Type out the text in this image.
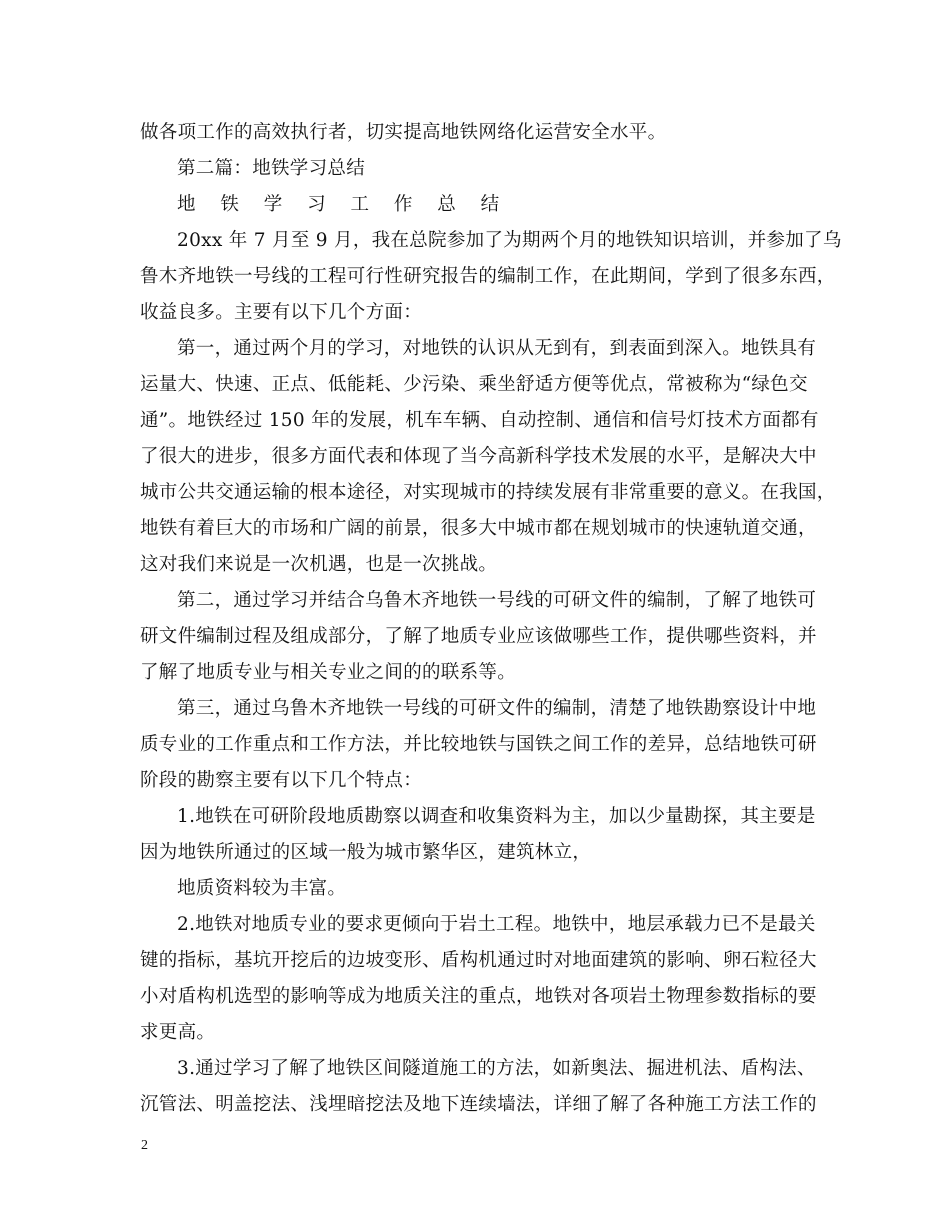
做各项工作的高效执行者，切实提高地铁网络化运营安全水平。
第二篇：地铁学习总结
地 铁 学 习 工 作 总 结
20xx 年 7 月至 9 月，我在总院参加了为期两个月的地铁知识培训，并参加了乌
鲁木齐地铁一号线的工程可行性研究报告的编制工作，在此期间，学到了很多东西，
收益良多。主要有以下几个方面：
第一，通过两个月的学习，对地铁的认识从无到有，到表面到深入。地铁具有
运量大、快速、正点、低能耗、少污染、乘坐舒适方便等优点，常被称为“绿色交
通”。地铁经过 150 年的发展，机车车辆、自动控制、通信和信号灯技术方面都有
了很大的进步，很多方面代表和体现了当今高新科学技术发展的水平，是解决大中
城市公共交通运输的根本途径，对实现城市的持续发展有非常重要的意义。在我国，
地铁有着巨大的市场和广阔的前景，很多大中城市都在规划城市的快速轨道交通，
这对我们来说是一次机遇，也是一次挑战。
第二，通过学习并结合乌鲁木齐地铁一号线的可研文件的编制，了解了地铁可
研文件编制过程及组成部分，了解了地质专业应该做哪些工作，提供哪些资料，并
了解了地质专业与相关专业之间的的联系等。
第三，通过乌鲁木齐地铁一号线的可研文件的编制，清楚了地铁勘察设计中地
质专业的工作重点和工作方法，并比较地铁与国铁之间工作的差异，总结地铁可研
阶段的勘察主要有以下几个特点：
1.地铁在可研阶段地质勘察以调查和收集资料为主，加以少量勘探，其主要是
因为地铁所通过的区域一般为城市繁华区，建筑林立，
地质资料较为丰富。
2.地铁对地质专业的要求更倾向于岩土工程。地铁中，地层承载力已不是最关
键的指标，基坑开挖后的边坡变形、盾构机通过时对地面建筑的影响、卵石粒径大
小对盾构机选型的影响等成为地质关注的重点，地铁对各项岩土物理参数指标的要
求更高。
3.通过学习了解了地铁区间隧道施工的方法，如新奥法、掘进机法、盾构法、
沉管法、明盖挖法、浅埋暗挖法及地下连续墙法，详细了解了各种施工方法工作的
2
